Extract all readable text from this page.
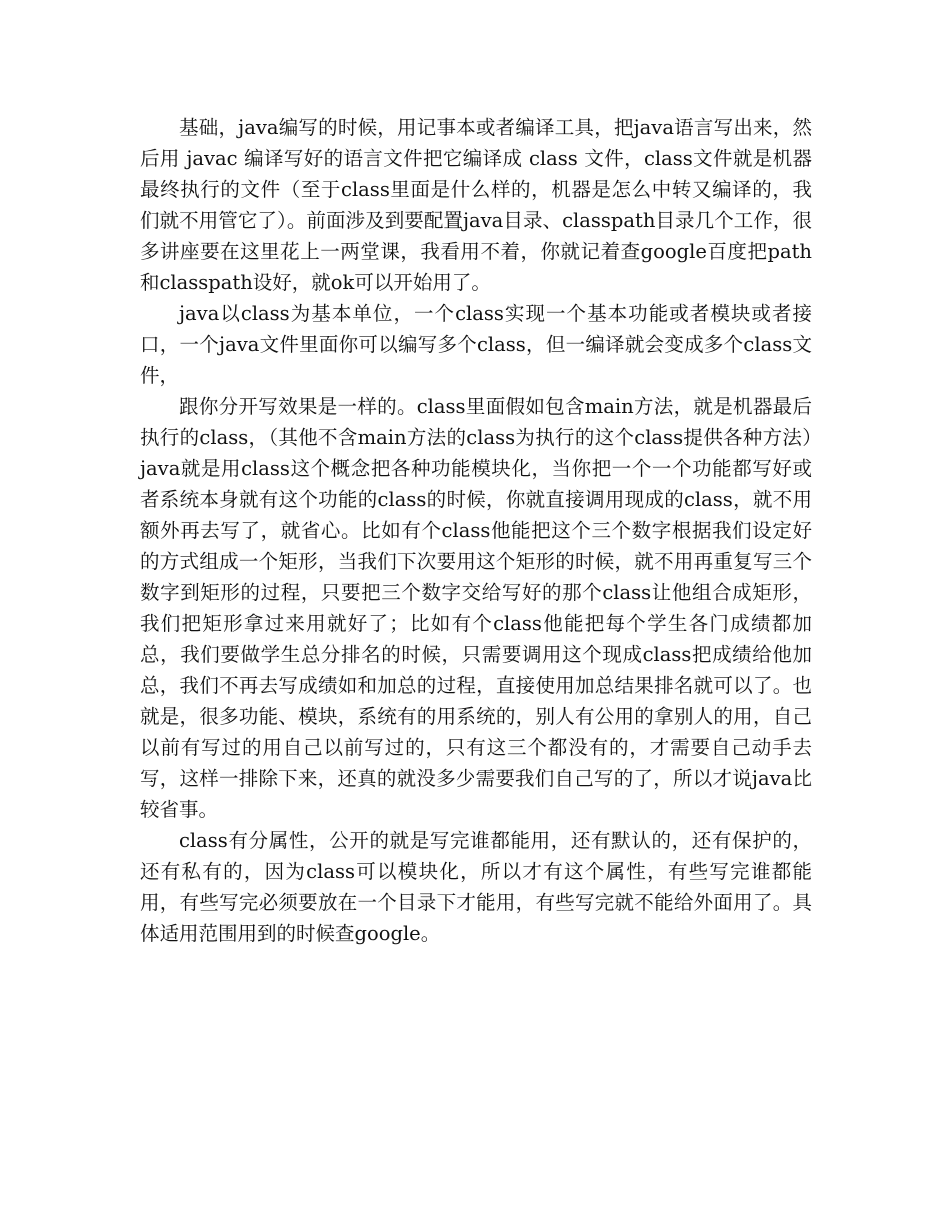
基础，java编写的时候，用记事本或者编译工具，把java语言写出来，然后用 javac 编译写好的语言文件把它编译成 class 文件，class文件就是机器最终执行的文件（至于class里面是什么样的，机器是怎么中转又编译的，我们就不用管它了）。前面涉及到要配置java目录、classpath目录几个工作，很多讲座要在这里花上一两堂课，我看用不着，你就记着查google百度把path和classpath设好，就ok可以开始用了。

java以class为基本单位，一个class实现一个基本功能或者模块或者接口，一个java文件里面你可以编写多个class，但一编译就会变成多个class文件，

跟你分开写效果是一样的。class里面假如包含main方法，就是机器最后执行的class，（其他不含main方法的class为执行的这个class提供各种方法）java就是用class这个概念把各种功能模块化，当你把一个一个功能都写好或者系统本身就有这个功能的class的时候，你就直接调用现成的class，就不用额外再去写了，就省心。比如有个class他能把这个三个数字根据我们设定好的方式组成一个矩形，当我们下次要用这个矩形的时候，就不用再重复写三个数字到矩形的过程，只要把三个数字交给写好的那个class让他组合成矩形，我们把矩形拿过来用就好了；比如有个class他能把每个学生各门成绩都加总，我们要做学生总分排名的时候，只需要调用这个现成class把成绩给他加总，我们不再去写成绩如和加总的过程，直接使用加总结果排名就可以了。也就是，很多功能、模块，系统有的用系统的，别人有公用的拿别人的用，自己以前有写过的用自己以前写过的，只有这三个都没有的，才需要自己动手去写，这样一排除下来，还真的就没多少需要我们自己写的了，所以才说java比较省事。

class有分属性，公开的就是写完谁都能用，还有默认的，还有保护的，还有私有的，因为class可以模块化，所以才有这个属性，有些写完谁都能用，有些写完必须要放在一个目录下才能用，有些写完就不能给外面用了。具体适用范围用到的时候查google。
